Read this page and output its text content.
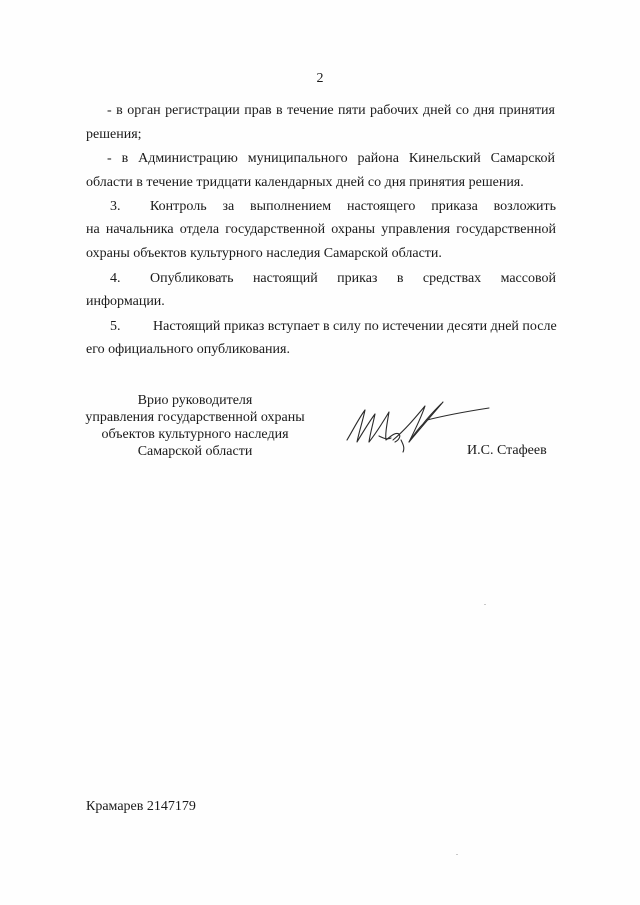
2
- в орган регистрации прав в течение пяти рабочих дней со дня принятия
решения;
- в Администрацию муниципального района Кинельский Самарской
области в течение тридцати календарных дней со дня принятия решения.
3. Контроль за выполнением настоящего приказа возложить
на начальника отдела государственной охраны управления государственной
охраны объектов культурного наследия Самарской области.
4. Опубликовать настоящий приказ в средствах массовой
информации.
5. Настоящий приказ вступает в силу по истечении десяти дней после
его официального опубликования.
Врио руководителя
управления государственной охраны
объектов культурного наследия
Самарской области	И.С. Стафеев
Крамарев 2147179
